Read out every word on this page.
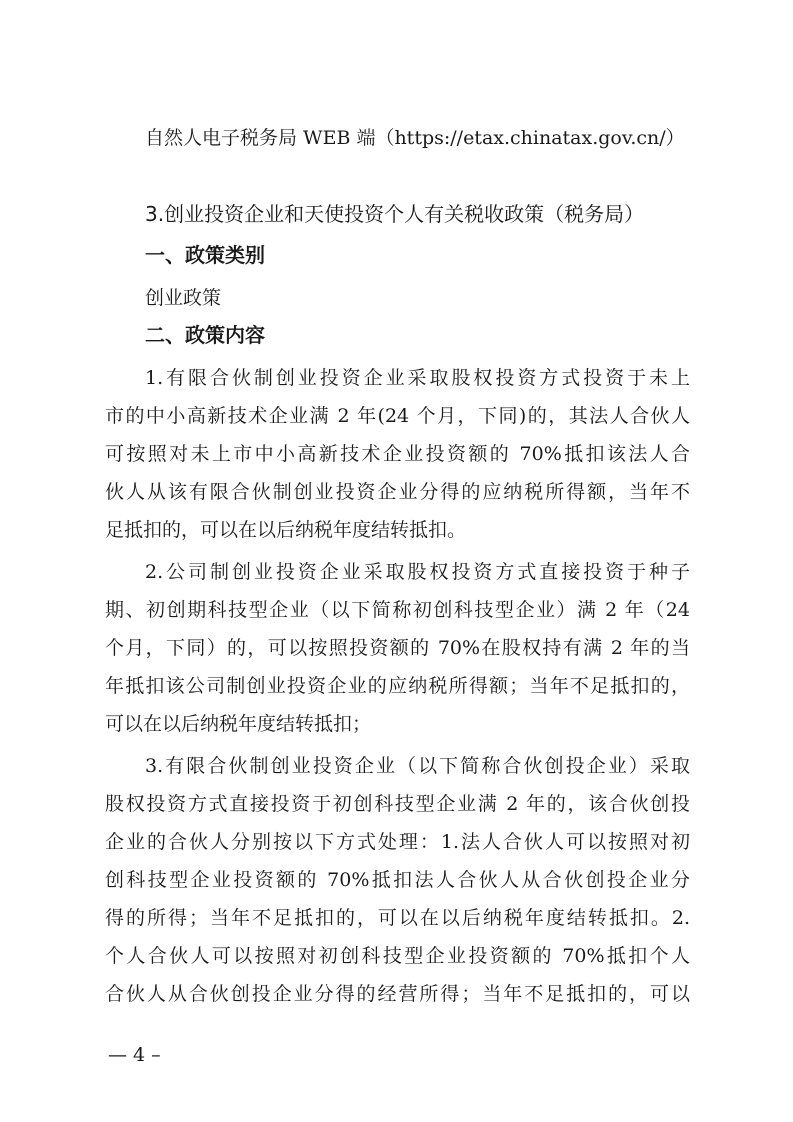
自然人电子税务局 WEB 端（https://etax.chinatax.gov.cn/）
3.创业投资企业和天使投资个人有关税收政策（税务局）
一、政策类别
创业政策
二、政策内容
1.有限合伙制创业投资企业采取股权投资方式投资于未上
市的中小高新技术企业满 2 年(24 个月，下同)的，其法人合伙人
可按照对未上市中小高新技术企业投资额的 70%抵扣该法人合
伙人从该有限合伙制创业投资企业分得的应纳税所得额，当年不
足抵扣的，可以在以后纳税年度结转抵扣。
2.公司制创业投资企业采取股权投资方式直接投资于种子
期、初创期科技型企业（以下简称初创科技型企业）满 2 年（24
个月，下同）的，可以按照投资额的 70%在股权持有满 2 年的当
年抵扣该公司制创业投资企业的应纳税所得额；当年不足抵扣的，
可以在以后纳税年度结转抵扣；
3.有限合伙制创业投资企业（以下简称合伙创投企业）采取
股权投资方式直接投资于初创科技型企业满 2 年的，该合伙创投
企业的合伙人分别按以下方式处理：1.法人合伙人可以按照对初
创科技型企业投资额的 70%抵扣法人合伙人从合伙创投企业分
得的所得；当年不足抵扣的，可以在以后纳税年度结转抵扣。2.
个人合伙人可以按照对初创科技型企业投资额的 70%抵扣个人
合伙人从合伙创投企业分得的经营所得；当年不足抵扣的，可以
— 4 –
